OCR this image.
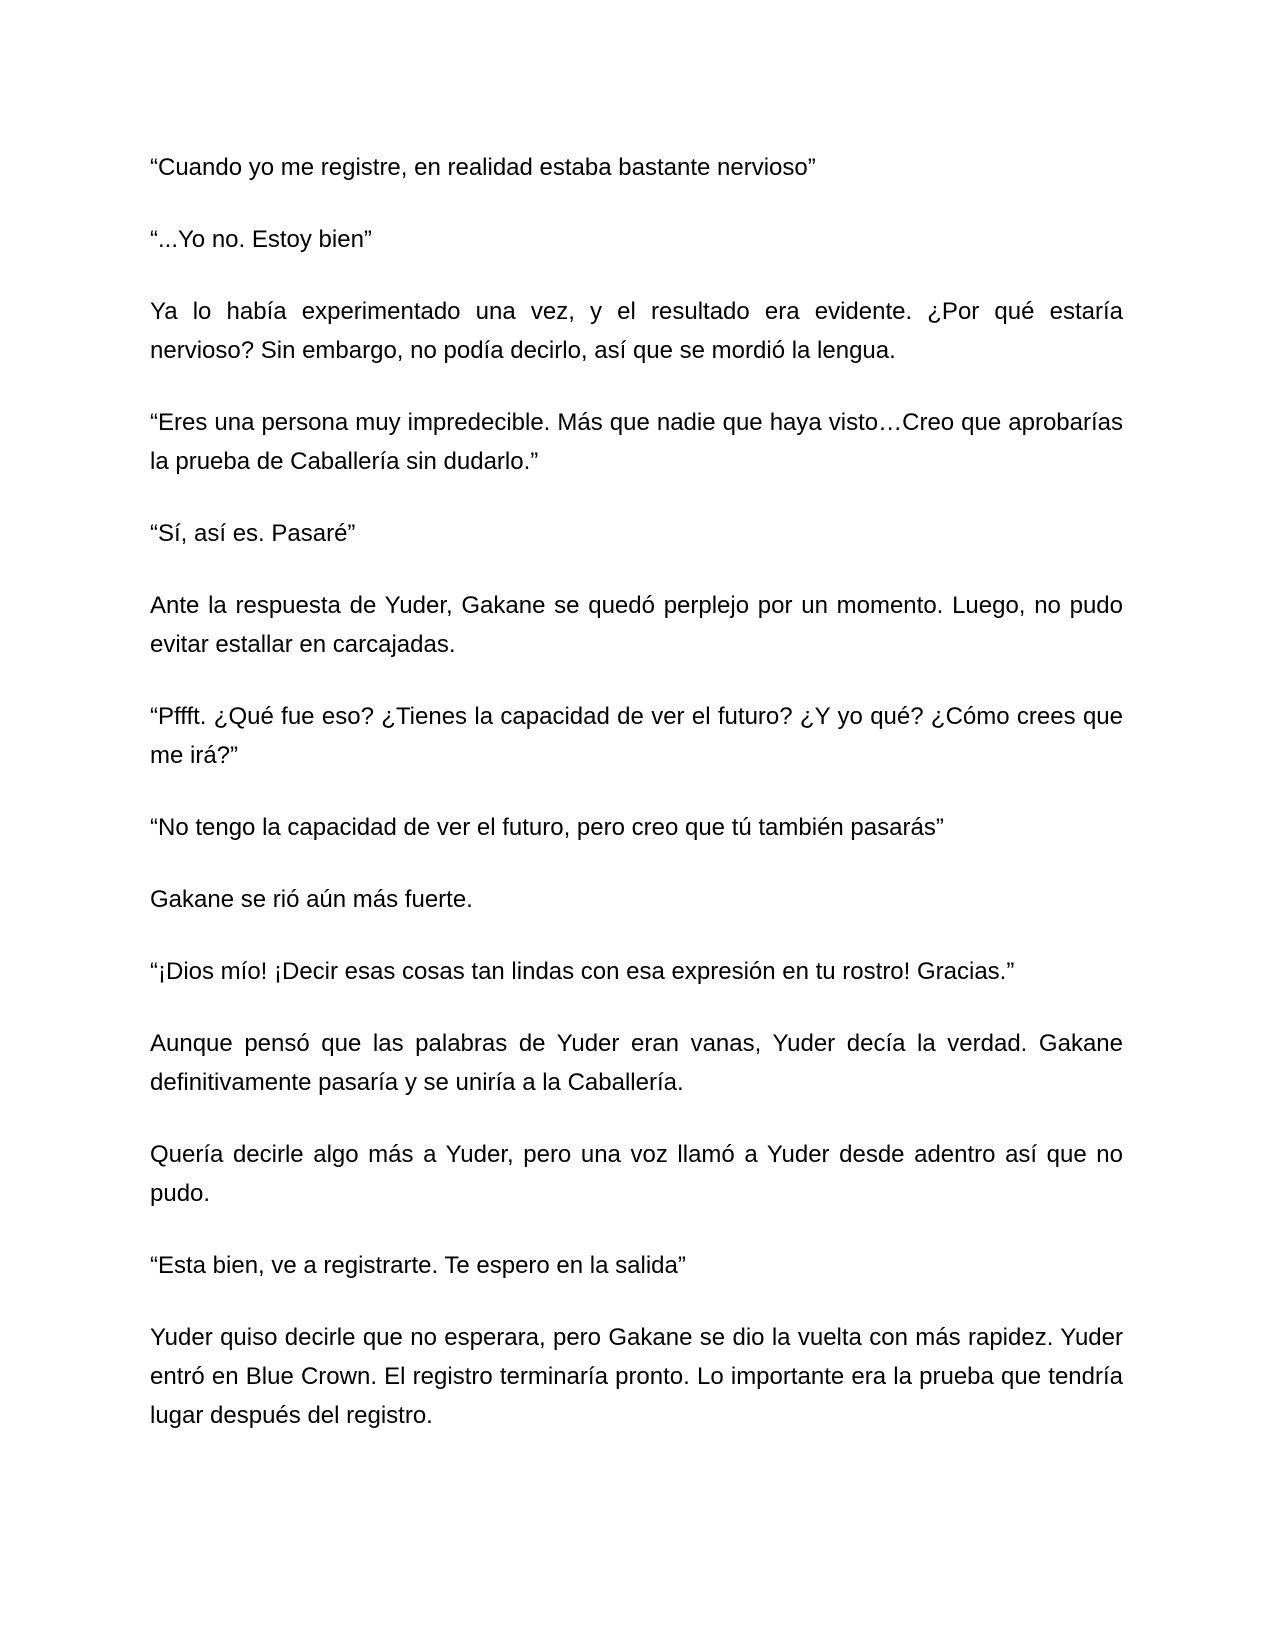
“Cuando yo me registre, en realidad estaba bastante nervioso”

“...Yo no. Estoy bien”

Ya lo había experimentado una vez, y el resultado era evidente. ¿Por qué estaría nervioso? Sin embargo, no podía decirlo, así que se mordió la lengua.

“Eres una persona muy impredecible. Más que nadie que haya visto…Creo que aprobarías la prueba de Caballería sin dudarlo.”

“Sí, así es. Pasaré”

Ante la respuesta de Yuder, Gakane se quedó perplejo por un momento. Luego, no pudo evitar estallar en carcajadas.

“Pffft. ¿Qué fue eso? ¿Tienes la capacidad de ver el futuro? ¿Y yo qué? ¿Cómo crees que me irá?”

“No tengo la capacidad de ver el futuro, pero creo que tú también pasarás”

Gakane se rió aún más fuerte.

“¡Dios mío! ¡Decir esas cosas tan lindas con esa expresión en tu rostro! Gracias.”

Aunque pensó que las palabras de Yuder eran vanas, Yuder decía la verdad. Gakane definitivamente pasaría y se uniría a la Caballería.

Quería decirle algo más a Yuder, pero una voz llamó a Yuder desde adentro así que no pudo.

“Esta bien, ve a registrarte. Te espero en la salida”

Yuder quiso decirle que no esperara, pero Gakane se dio la vuelta con más rapidez. Yuder entró en Blue Crown. El registro terminaría pronto. Lo importante era la prueba que tendría lugar después del registro.
